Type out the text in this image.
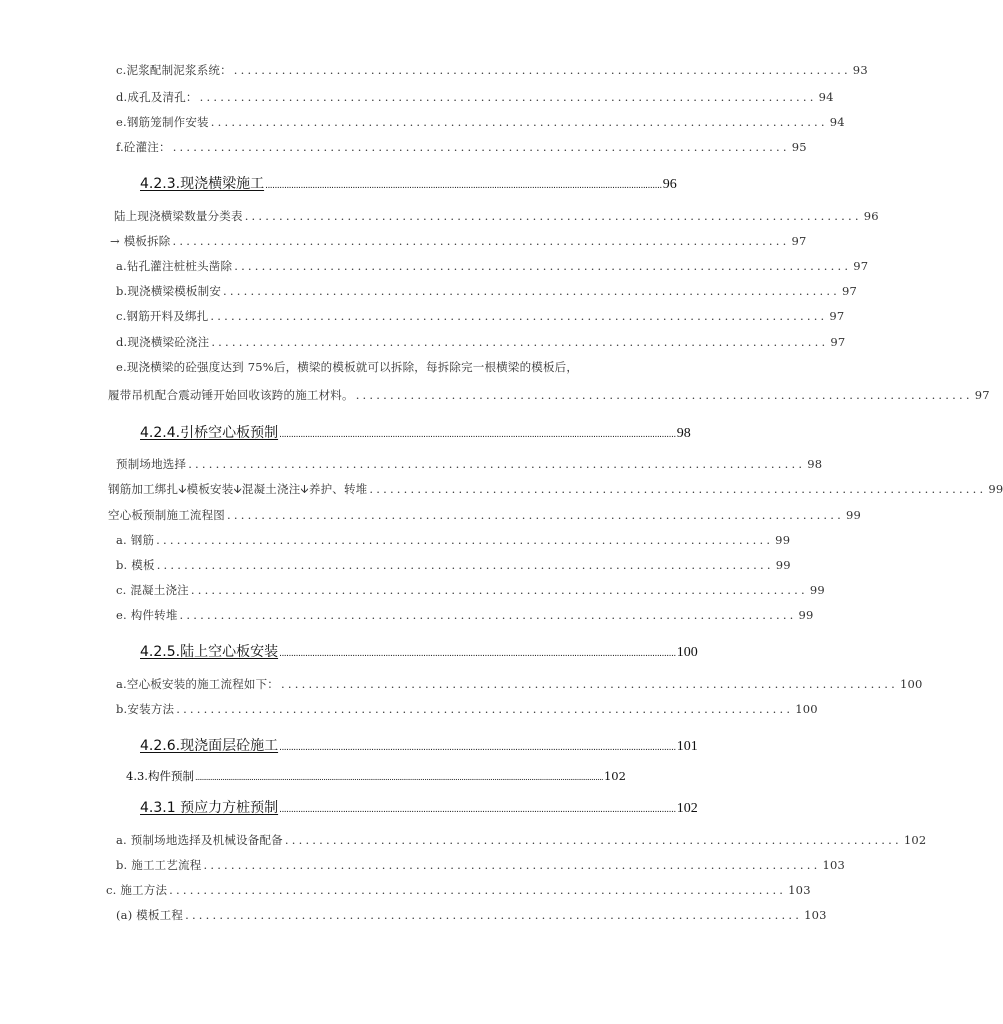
c.泥浆配制泥浆系统： .......................................................................................... 93
d.成孔及清孔： .......................................................................................... 94
e.钢筋笼制作安装 .......................................................................................... 94
f.砼灌注： .......................................................................................... 95
4.2.3.现浇横梁施工 ........................................................................................................................................................................ 96
陆上现浇横梁数量分类表 .......................................................................................... 96
→ 模板拆除 .......................................................................................... 97
a.钻孔灌注桩桩头凿除 .......................................................................................... 97
b.现浇横梁模板制安 .......................................................................................... 97
c.钢筋开料及绑扎 .......................................................................................... 97
d.现浇横梁砼浇注 .......................................................................................... 97
e.现浇横梁的砼强度达到 75%后，横梁的模板就可以拆除，每拆除完一根横梁的模板后，
履带吊机配合震动锤开始回收该跨的施工材料。 .......................................................................................... 97
4.2.4.引桥空心板预制 ........................................................................................................................................................................ 98
预制场地选择 .......................................................................................... 98
钢筋加工绑扎🡫模板安装🡫混凝土浇注🡫养护、转堆 .......................................................................................... 99
空心板预制施工流程图 .......................................................................................... 99
a. 钢筋 .......................................................................................... 99
b. 模板 .......................................................................................... 99
c. 混凝土浇注 .......................................................................................... 99
e. 构件转堆 .......................................................................................... 99
4.2.5.陆上空心板安装 ........................................................................................................................................................................ 100
a.空心板安装的施工流程如下： .......................................................................................... 100
b.安装方法 .......................................................................................... 100
4.2.6.现浇面层砼施工 ........................................................................................................................................................................ 101
4.3.构件预制 .................................................................................................................................................................................................................. 102
4.3.1 预应力方桩预制 ........................................................................................................................................................................ 102
a. 预制场地选择及机械设备配备 .......................................................................................... 102
b. 施工工艺流程 .......................................................................................... 103
c. 施工方法 .......................................................................................... 103
(a) 模板工程 .......................................................................................... 103
